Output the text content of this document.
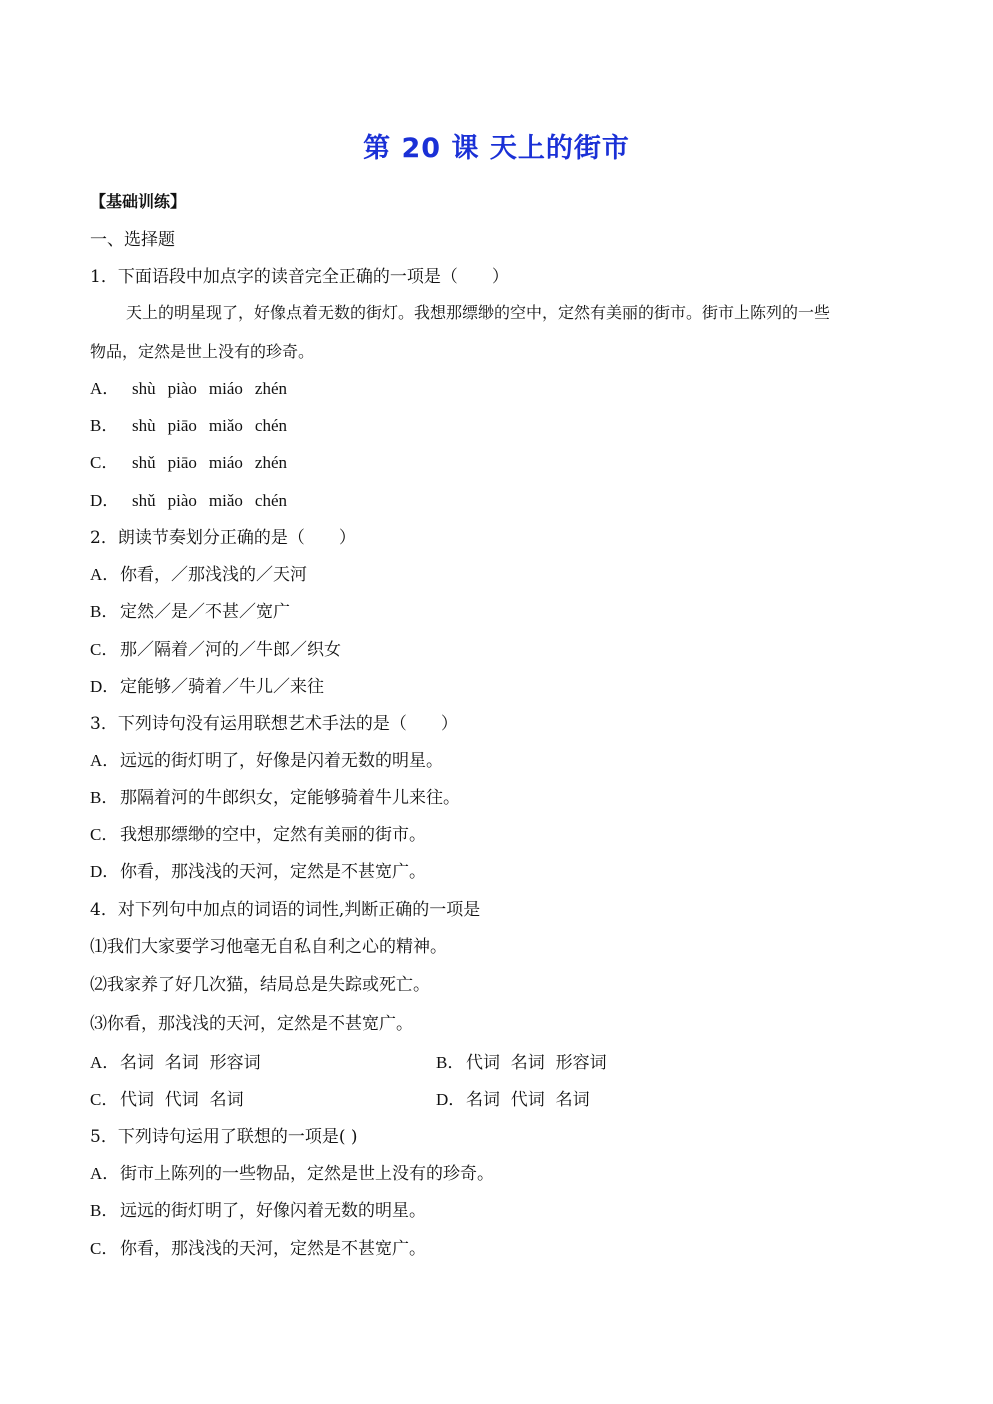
第 20 课 天上的街市
【基础训练】
一、选择题
1．下面语段中加点字的读音完全正确的一项是（　　）
天上的明星现了，好像点着无数的街灯。我想那缥缈的空中，定然有美丽的街市。街市上陈列的一些
物品，定然是世上没有的珍奇。
A． shù piào miáo zhén
B． shù piāo miǎo chén
C． shǔ piāo miáo zhén
D． shǔ piào miǎo chén
2．朗读节奏划分正确的是（　　）
A．你看，／那浅浅的／天河
B．定然／是／不甚／宽广
C．那／隔着／河的／牛郎／织女
D．定能够／骑着／牛儿／来往
3．下列诗句没有运用联想艺术手法的是（　　）
A．远远的街灯明了，好像是闪着无数的明星。
B．那隔着河的牛郎织女，定能够骑着牛儿来往。
C．我想那缥缈的空中，定然有美丽的街市。
D．你看，那浅浅的天河，定然是不甚宽广。
4．对下列句中加点的词语的词性,判断正确的一项是
⑴我们大家要学习他毫无自私自利之心的精神。
⑵我家养了好几次猫，结局总是失踪或死亡。
⑶你看，那浅浅的天河，定然是不甚宽广。
A．名词  名词  形容词	B．代词  名词  形容词
C．代词  代词  名词	D．名词  代词  名词
5．下列诗句运用了联想的一项是( )
A．街市上陈列的一些物品，定然是世上没有的珍奇。
B．远远的街灯明了，好像闪着无数的明星。
C．你看，那浅浅的天河，定然是不甚宽广。
